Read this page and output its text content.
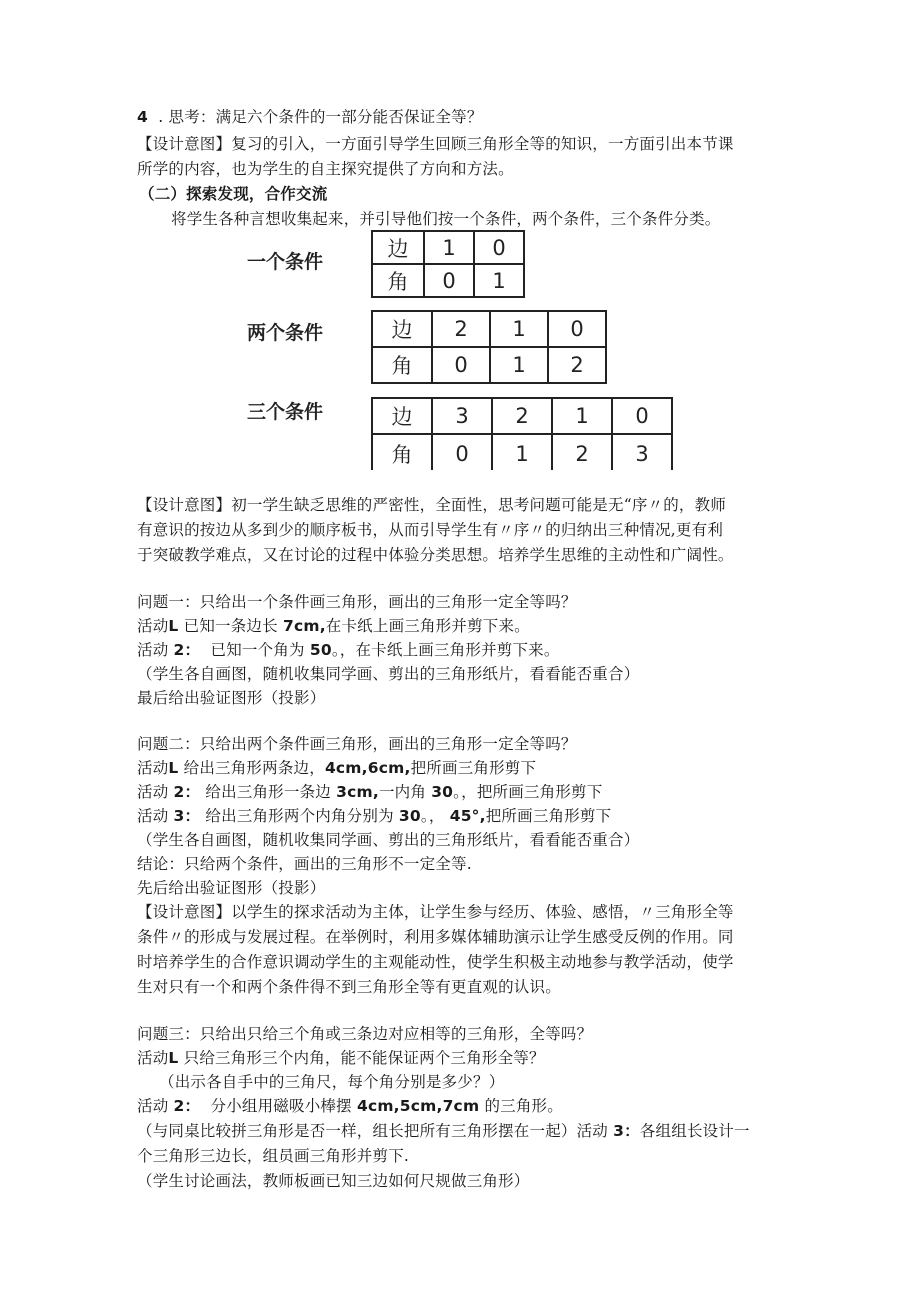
4 . 思考：满足六个条件的一部分能否保证全等？
【设计意图】复习的引入，一方面引导学生回顾三角形全等的知识，一方面引出本节课
所学的内容，也为学生的自主探究提供了方向和方法。
（二）探索发现，合作交流
将学生各种言想收集起来，并引导他们按一个条件，两个条件，三个条件分类。
一个条件
边	1	0
角	0	1
两个条件	边	2	1	0
角	0	1	2
三个条件	边	3	2	1	0
角	0	1	2	3
【设计意图】初一学生缺乏思维的严密性，全面性，思考问题可能是无“序〃的，教师
有意识的按边从多到少的顺序板书，从而引导学生有〃序〃的归纳出三种情况,更有利
于突破教学难点，又在讨论的过程中体验分类思想。培养学生思维的主动性和广阔性。
问题一：只给出一个条件画三角形，画出的三角形一定全等吗？
活动L 已知一条边长 7cm,在卡纸上画三角形并剪下来。
活动 2： 已知一个角为 50。，在卡纸上画三角形并剪下来。
（学生各自画图，随机收集同学画、剪出的三角形纸片，看看能否重合）
最后给出验证图形（投影）
问题二：只给出两个条件画三角形，画出的三角形一定全等吗？
活动L 给出三角形两条边，4cm,6cm,把所画三角形剪下
活动 2： 给出三角形一条边 3cm,一内角 30。，把所画三角形剪下
活动 3： 给出三角形两个内角分别为 30。， 45°,把所画三角形剪下
（学生各自画图，随机收集同学画、剪出的三角形纸片，看看能否重合）
结论：只给两个条件，画出的三角形不一定全等.
先后给出验证图形（投影）
【设计意图】以学生的探求活动为主体，让学生参与经历、体验、感悟，〃三角形全等
条件〃的形成与发展过程。在举例时，利用多媒体辅助演示让学生感受反例的作用。同
时培养学生的合作意识调动学生的主观能动性，使学生积极主动地参与教学活动，使学
生对只有一个和两个条件得不到三角形全等有更直观的认识。
问题三：只给出只给三个角或三条边对应相等的三角形，全等吗？
活动L 只给三角形三个内角，能不能保证两个三角形全等？
（出示各自手中的三角尺，每个角分别是多少？）
活动 2： 分小组用磁吸小棒摆 4cm,5cm,7cm 的三角形。
（与同桌比较拼三角形是否一样，组长把所有三角形摆在一起）活动 3：各组组长设计一
个三角形三边长，组员画三角形并剪下.
（学生讨论画法，教师板画已知三边如何尺规做三角形）
